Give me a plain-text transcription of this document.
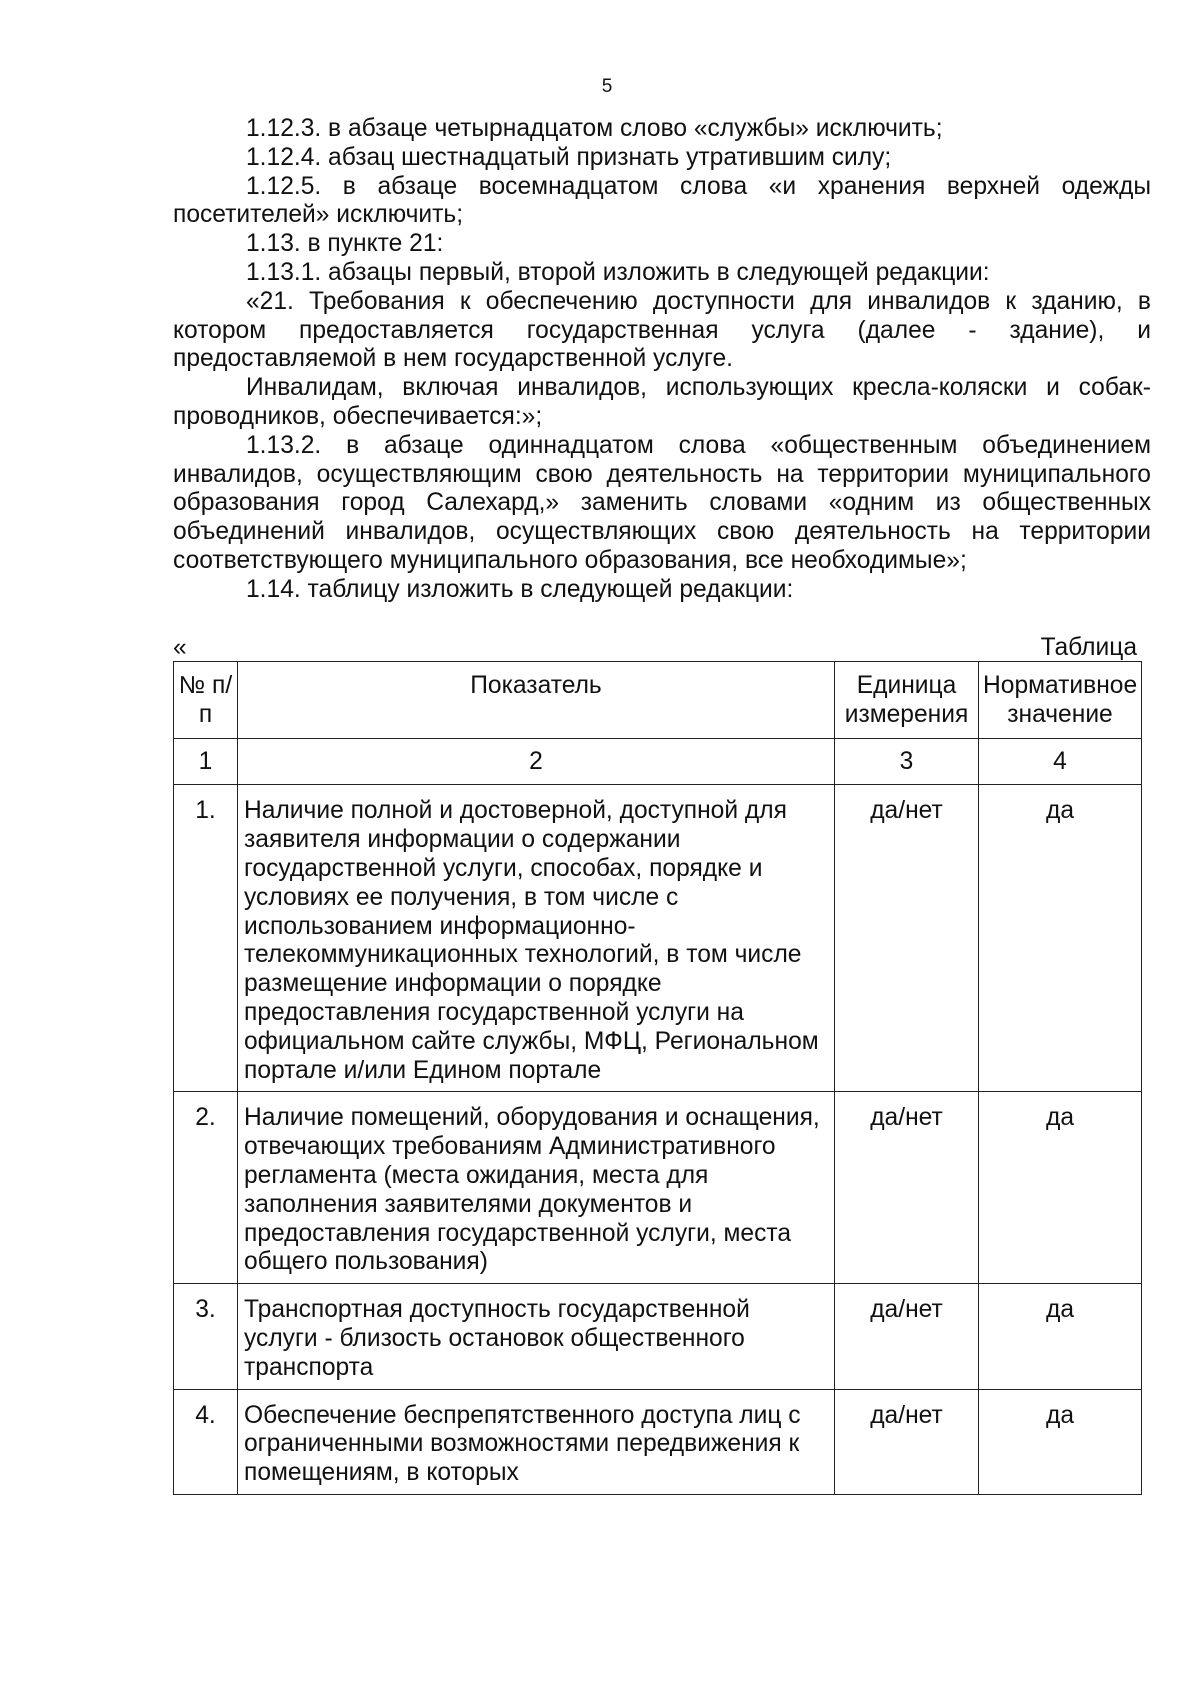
5

1.12.3. в абзаце четырнадцатом слово «службы» исключить;

1.12.4. абзац шестнадцатый признать утратившим силу;

1.12.5. в абзаце восемнадцатом слова «и хранения верхней одежды посетителей» исключить;

1.13. в пункте 21:

1.13.1. абзацы первый, второй изложить в следующей редакции:

«21. Требования к обеспечению доступности для инвалидов к зданию, в котором предоставляется государственная услуга (далее - здание), и предоставляемой в нем государственной услуге.

Инвалидам, включая инвалидов, использующих кресла-коляски и собак-проводников, обеспечивается:»;

1.13.2. в абзаце одиннадцатом слова «общественным объединением инвалидов, осуществляющим свою деятельность на территории муниципального образования город Салехард,» заменить словами «одним из общественных объединений инвалидов, осуществляющих свою деятельность на территории соответствующего муниципального образования, все необходимые»;

1.14. таблицу изложить в следующей редакции:

«	Таблица
№ п/п	Показатель	Единица измерения	Нормативное значение
1	2	3	4
1.	Наличие полной и достоверной, доступной для заявителя информации о содержании государственной услуги, способах, порядке и условиях ее получения, в том числе с использованием информационно-телекоммуникационных технологий, в том числе размещение информации о порядке предоставления государственной услуги на официальном сайте службы, МФЦ, Региональном портале и/или Едином портале	да/нет	да
2.	Наличие помещений, оборудования и оснащения, отвечающих требованиям Административного регламента (места ожидания, места для заполнения заявителями документов и предоставления государственной услуги, места общего пользования)	да/нет	да
3.	Транспортная доступность государственной услуги - близость остановок общественного транспорта	да/нет	да
4.	Обеспечение беспрепятственного доступа лиц с ограниченными возможностями передвижения к помещениям, в которых	да/нет	да
